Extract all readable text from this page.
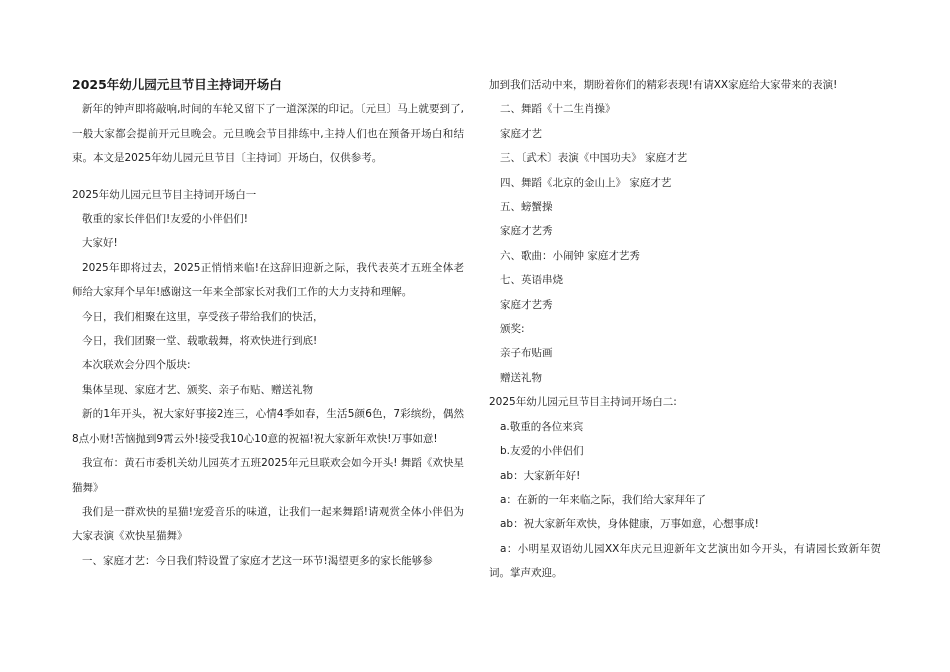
2025年幼儿园元旦节目主持词开场白

新年的钟声即将敲响,时间的车轮又留下了一道深深的印记。〔元旦〕马上就要到了,一般大家都会提前开元旦晚会。元旦晚会节目排练中,主持人们也在预备开场白和结束。本文是2025年幼儿园元旦节目〔主持词〕开场白，仅供参考。

2025年幼儿园元旦节目主持词开场白一

敬重的家长伴侣们!友爱的小伴侣们!

大家好!

2025年即将过去，2025正悄悄来临!在这辞旧迎新之际，我代表英才五班全体老师给大家拜个早年!感谢这一年来全部家长对我们工作的大力支持和理解。

今日，我们相聚在这里，享受孩子带给我们的快活，

今日，我们团聚一堂、载歌载舞，将欢快进行到底!

本次联欢会分四个版块:

集体呈现、家庭才艺、颁奖、亲子布贴、赠送礼物

新的1年开头，祝大家好事接2连三，心情4季如春，生活5颜6色，7彩缤纷，偶然8点小财!苦恼抛到9霄云外!接受我10心10意的祝福!祝大家新年欢快!万事如意!

我宣布：黄石市委机关幼儿园英才五班2025年元旦联欢会如今开头! 舞蹈《欢快星猫舞》

我们是一群欢快的星猫!宠爱音乐的味道，让我们一起来舞蹈!请观赏全体小伴侣为大家表演《欢快星猫舞》

一、家庭才艺：今日我们特设置了家庭才艺这一环节!渴望更多的家长能够参

加到我们活动中来，期盼着你们的精彩表现!有请XX家庭给大家带来的表演!

二、舞蹈《十二生肖操》

家庭才艺

三、〔武术〕表演《中国功夫》 家庭才艺

四、舞蹈《北京的金山上》 家庭才艺

五、螃蟹操

家庭才艺秀

六、歌曲：小闹钟 家庭才艺秀

七、英语串烧

家庭才艺秀

颁奖:

亲子布贴画

赠送礼物

2025年幼儿园元旦节目主持词开场白二:

a.敬重的各位来宾

b.友爱的小伴侣们

ab：大家新年好!

a：在新的一年来临之际，我们给大家拜年了

ab：祝大家新年欢快，身体健康，万事如意，心想事成!

a：小明星双语幼儿园XX年庆元旦迎新年文艺演出如今开头，有请园长致新年贺词。掌声欢迎。
